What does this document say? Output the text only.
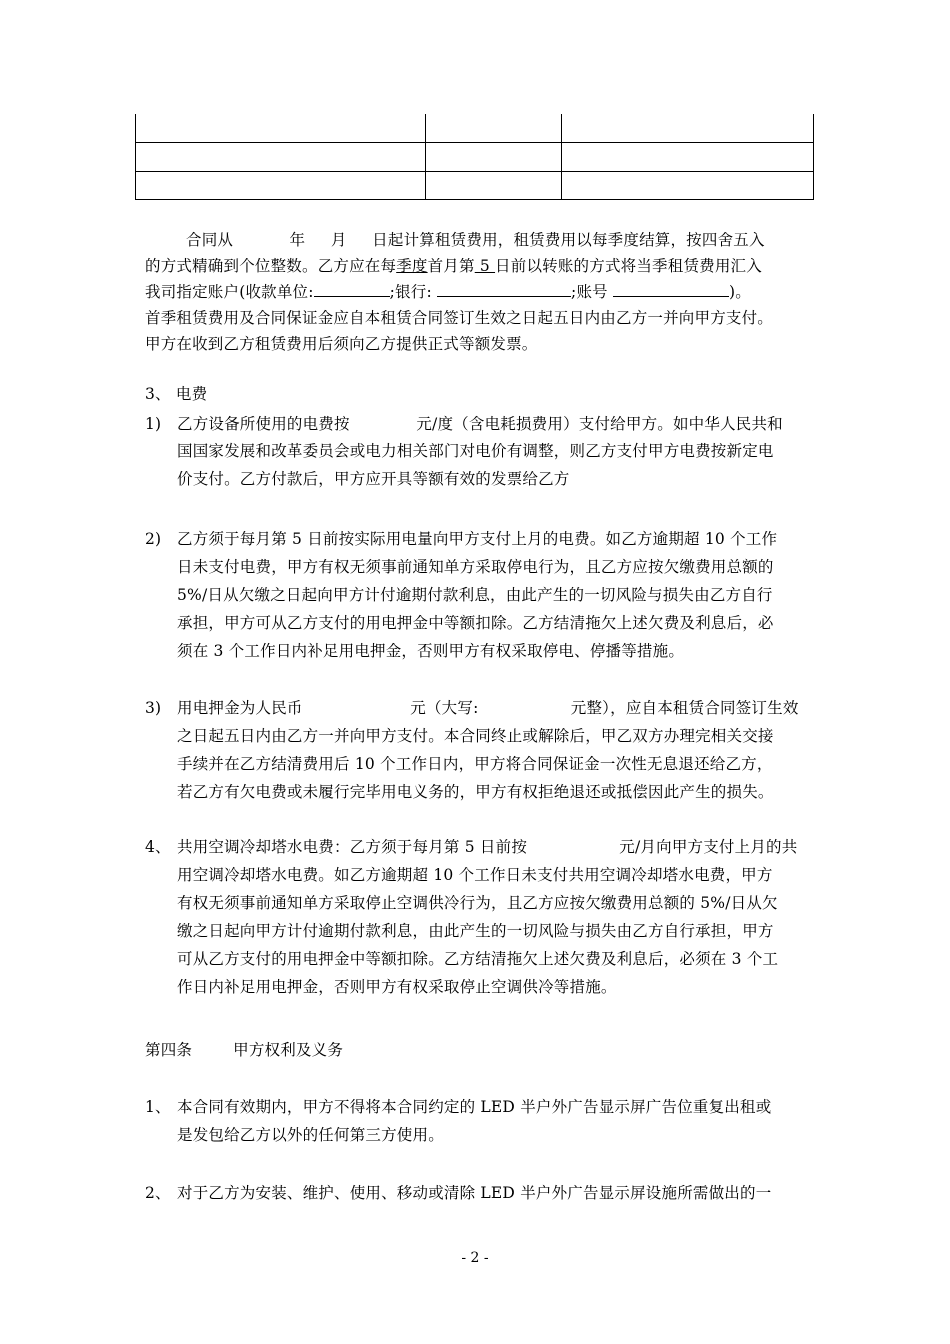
合同从           年     月     日起计算租赁费用，租赁费用以每季度结算，按四舍五入
的方式精确到个位整数。乙方应在每季度首月第 5 日前以转账的方式将当季租赁费用汇入
我司指定账户(收款单位:	;银行:	;账号	)。
首季租赁费用及合同保证金应自本租赁合同签订生效之日起五日内由乙方一并向甲方支付。
甲方在收到乙方租赁费用后须向乙方提供正式等额发票。
3、 电费
1) 乙方设备所使用的电费按             元/度（含电耗损费用）支付给甲方。如中华人民共和
国国家发展和改革委员会或电力相关部门对电价有调整，则乙方支付甲方电费按新定电
价支付。乙方付款后，甲方应开具等额有效的发票给乙方
2) 乙方须于每月第 5 日前按实际用电量向甲方支付上月的电费。如乙方逾期超 10 个工作
日未支付电费，甲方有权无须事前通知单方采取停电行为，且乙方应按欠缴费用总额的
5%/日从欠缴之日起向甲方计付逾期付款利息，由此产生的一切风险与损失由乙方自行
承担，甲方可从乙方支付的用电押金中等额扣除。乙方结清拖欠上述欠费及利息后，必
须在 3 个工作日内补足用电押金，否则甲方有权采取停电、停播等措施。
3) 用电押金为人民币                     元（大写:                  元整），应自本租赁合同签订生效
之日起五日内由乙方一并向甲方支付。本合同终止或解除后，甲乙双方办理完相关交接
手续并在乙方结清费用后 10 个工作日内，甲方将合同保证金一次性无息退还给乙方，
若乙方有欠电费或未履行完毕用电义务的，甲方有权拒绝退还或抵偿因此产生的损失。
4、 共用空调冷却塔水电费：乙方须于每月第 5 日前按                  元/月向甲方支付上月的共
用空调冷却塔水电费。如乙方逾期超 10 个工作日未支付共用空调冷却塔水电费，甲方
有权无须事前通知单方采取停止空调供冷行为，且乙方应按欠缴费用总额的 5%/日从欠
缴之日起向甲方计付逾期付款利息，由此产生的一切风险与损失由乙方自行承担，甲方
可从乙方支付的用电押金中等额扣除。乙方结清拖欠上述欠费及利息后，必须在 3 个工
作日内补足用电押金，否则甲方有权采取停止空调供冷等措施。
第四条        甲方权利及义务
1、 本合同有效期内，甲方不得将本合同约定的 LED 半户外广告显示屏广告位重复出租或
是发包给乙方以外的任何第三方使用。
2、 对于乙方为安装、维护、使用、移动或清除 LED 半户外广告显示屏设施所需做出的一
- 2 -
